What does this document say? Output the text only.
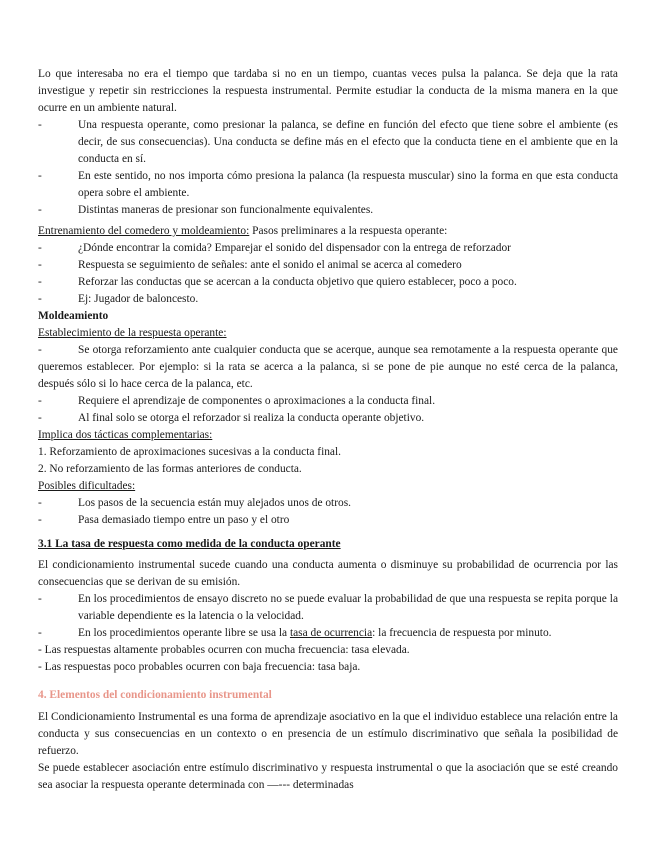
Lo que interesaba no era el tiempo que tardaba si no en un tiempo, cuantas veces pulsa la palanca. Se deja que la rata investigue y repetir sin restricciones la respuesta instrumental. Permite estudiar la conducta de la misma manera en la que ocurre en un ambiente natural.

-	Una respuesta operante, como presionar la palanca, se define en función del efecto que tiene sobre el ambiente (es decir, de sus consecuencias). Una conducta se define más en el efecto que la conducta tiene en el ambiente que en la conducta en sí.
-	En este sentido, no nos importa cómo presiona la palanca (la respuesta muscular) sino la forma en que esta conducta opera sobre el ambiente.
-	Distintas maneras de presionar son funcionalmente equivalentes.

Entrenamiento del comedero y moldeamiento: Pasos preliminares a la respuesta operante:

-	¿Dónde encontrar la comida? Emparejar el sonido del dispensador con la entrega de reforzador
-	Respuesta se seguimiento de señales: ante el sonido el animal se acerca al comedero
-	Reforzar las conductas que se acercan a la conducta objetivo que quiero establecer, poco a poco.
-	Ej: Jugador de baloncesto.

Moldeamiento

Establecimiento de la respuesta operante:

-	Se otorga reforzamiento ante cualquier conducta que se acerque, aunque sea remotamente a la respuesta operante que queremos establecer. Por ejemplo: si la rata se acerca a la palanca, si se pone de pie aunque no esté cerca de la palanca, después sólo si lo hace cerca de la palanca, etc.

-	Requiere el aprendizaje de componentes o aproximaciones a la conducta final.
-	Al final solo se otorga el reforzador si realiza la conducta operante objetivo.

Implica dos tácticas complementarias:

1. Reforzamiento de aproximaciones sucesivas a la conducta final.

2. No reforzamiento de las formas anteriores de conducta.

Posibles dificultades:

-	Los pasos de la secuencia están muy alejados unos de otros.
-	Pasa demasiado tiempo entre un paso y el otro

3.1 La tasa de respuesta como medida de la conducta operante

El condicionamiento instrumental sucede cuando una conducta aumenta o disminuye su probabilidad de ocurrencia por las consecuencias que se derivan de su emisión.

-	En los procedimientos de ensayo discreto no se puede evaluar la probabilidad de que una respuesta se repita porque la variable dependiente es la latencia o la velocidad.
-	En los procedimientos operante libre se usa la tasa de ocurrencia: la frecuencia de respuesta por minuto.

- Las respuestas altamente probables ocurren con mucha frecuencia: tasa elevada.

- Las respuestas poco probables ocurren con baja frecuencia: tasa baja.

4. Elementos del condicionamiento instrumental

El Condicionamiento Instrumental es una forma de aprendizaje asociativo en la que el individuo establece una relación entre la conducta y sus consecuencias en un contexto o en presencia de un estímulo discriminativo que señala la posibilidad de refuerzo.

Se puede establecer asociación entre estímulo discriminativo y respuesta instrumental o que la asociación que se esté creando sea asociar la respuesta operante determinada con —--- determinadas
